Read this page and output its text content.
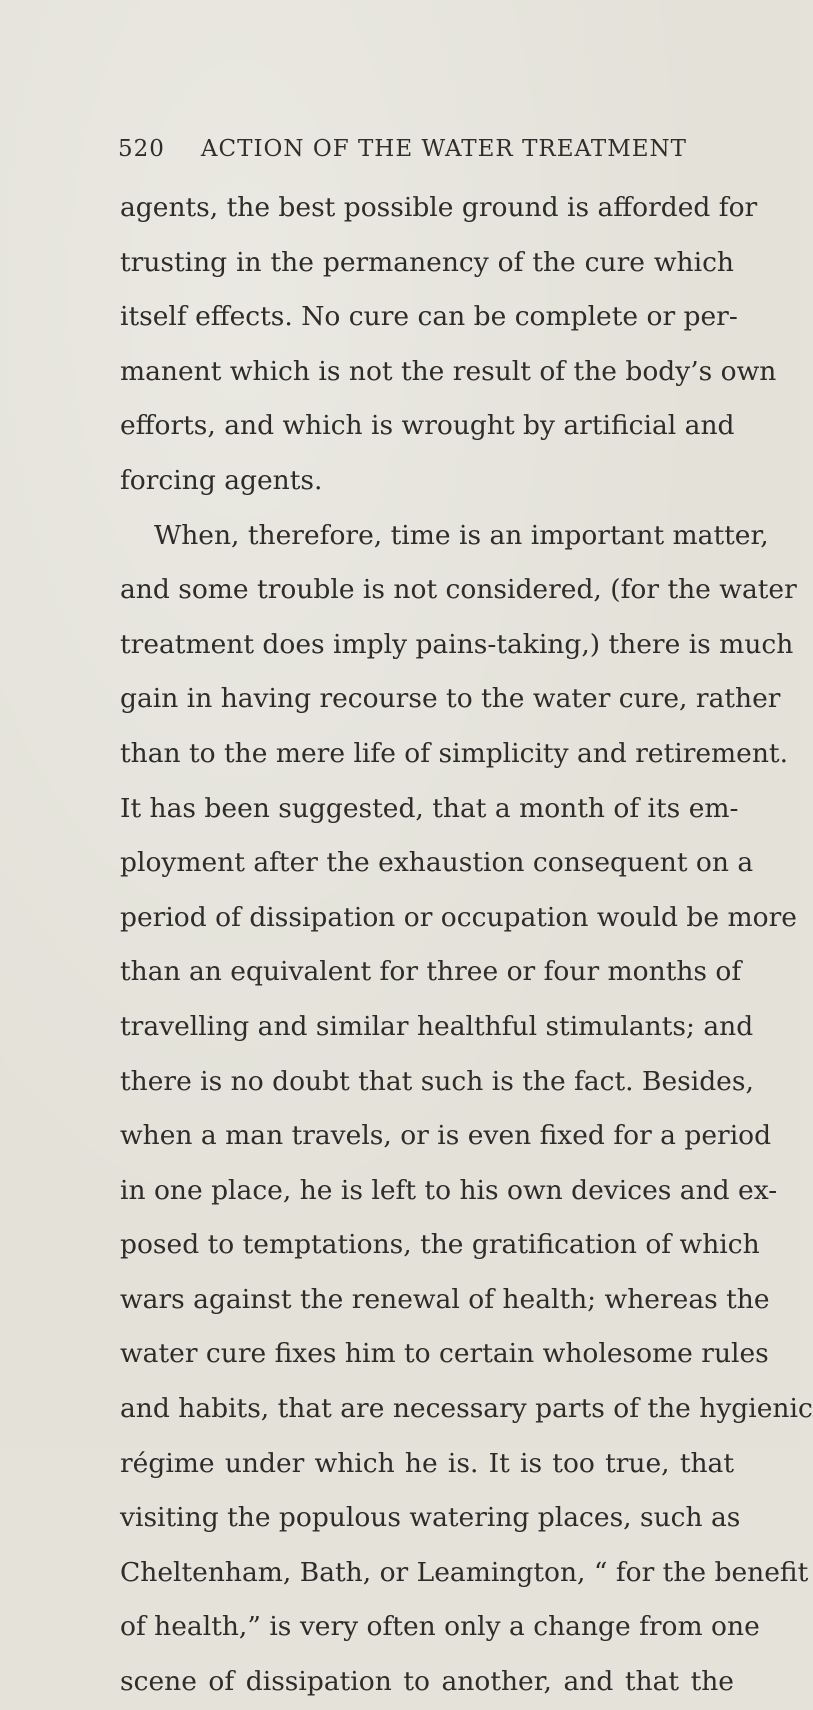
520 ACTION OF THE WATER TREATMENT
agents, the best possible ground is afforded for
trusting in the permanency of the cure which
itself effects. No cure can be complete or per-
manent which is not the result of the body’s own
efforts, and which is wrought by artificial and
forcing agents.
When, therefore, time is an important matter,
and some trouble is not considered, (for the water
treatment does imply pains-taking,) there is much
gain in having recourse to the water cure, rather
than to the mere life of simplicity and retirement.
It has been suggested, that a month of its em-
ployment after the exhaustion consequent on a
period of dissipation or occupation would be more
than an equivalent for three or four months of
travelling and similar healthful stimulants; and
there is no doubt that such is the fact. Besides,
when a man travels, or is even fixed for a period
in one place, he is left to his own devices and ex-
posed to temptations, the gratification of which
wars against the renewal of health; whereas the
water cure fixes him to certain wholesome rules
and habits, that are necessary parts of the hygienic
régime under which he is. It is too true, that
visiting the populous watering places, such as
Cheltenham, Bath, or Leamington, “ for the benefit
of health,” is very often only a change from one
scene of dissipation to another, and that the
